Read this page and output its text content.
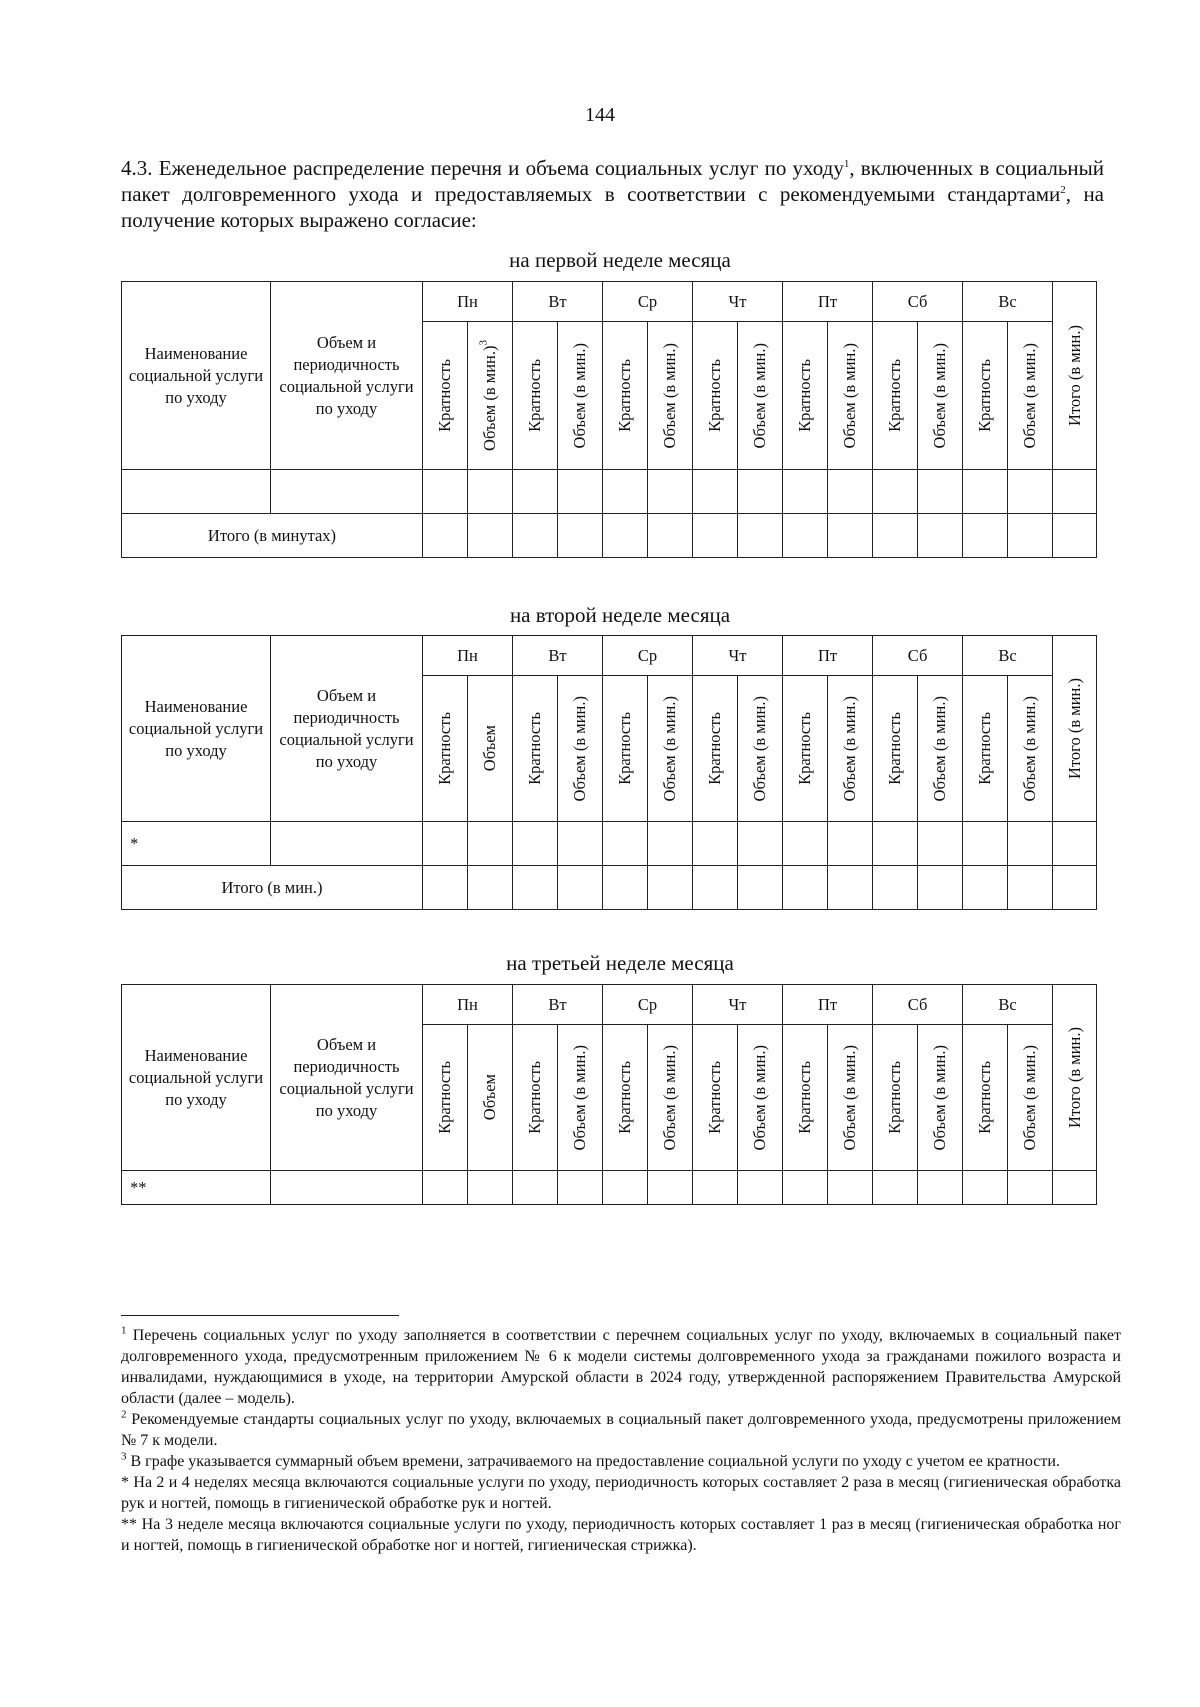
144
4.3. Еженедельное распределение перечня и объема социальных услуг по уходу$^1$, включенных в социальный пакет долговременного ухода и предоставляемых в соответствии с рекомендуемыми стандартами$^2$, на получение которых выражено согласие:
на первой неделе месяца
Наименование социальной услуги по уходу	Объем и периодичность социальной услуги по уходу	Пн		Вт		Ср		Чт		Пт		Сб		Вс		Итого (в мин.)

		Кратность	Объем (в мин.)$^3$	Кратность	Объем (в мин.)	Кратность	Объем (в мин.)	Кратность	Объем (в мин.)	Кратность	Объем (в мин.)	Кратность	Объем (в мин.)	Кратность	Объем (в мин.)	

Итого (в минутах)																
на второй неделе месяца
Наименование социальной услуги по уходу	Объем и периодичность социальной услуги по уходу	Пн		Вт		Ср		Чт		Пт		Сб		Вс		Итого (в мин.)

		Кратность	Объем	Кратность	Объем (в мин.)	Кратность	Объем (в мин.)	Кратность	Объем (в мин.)	Кратность	Объем (в мин.)	Кратность	Объем (в мин.)	Кратность	Объем (в мин.)	

*																
Итого (в мин.)																
на третьей неделе месяца
Наименование социальной услуги по уходу	Объем и периодичность социальной услуги по уходу	Пн		Вт		Ср		Чт		Пт		Сб		Вс		Итого (в мин.)

		Кратность	Объем	Кратность	Объем (в мин.)	Кратность	Объем (в мин.)	Кратность	Объем (в мин.)	Кратность	Объем (в мин.)	Кратность	Объем (в мин.)	Кратность	Объем (в мин.)	

**																

$^1$ Перечень социальных услуг по уходу заполняется в соответствии с перечнем социальных услуг по уходу, включаемых в социальный пакет долговременного ухода, предусмотренным приложением № 6 к модели системы долговременного ухода за гражданами пожилого возраста и инвалидами, нуждающимися в уходе, на территории Амурской области в 2024 году, утвержденной распоряжением Правительства Амурской области (далее – модель).

$^2$ Рекомендуемые стандарты социальных услуг по уходу, включаемых в социальный пакет долговременного ухода, предусмотрены приложением № 7 к модели.

$^3$ В графе указывается суммарный объем времени, затрачиваемого на предоставление социальной услуги по уходу с учетом ее кратности.

* На 2 и 4 неделях месяца включаются социальные услуги по уходу, периодичность которых составляет 2 раза в месяц (гигиеническая обработка рук и ногтей, помощь в гигиенической обработке рук и ногтей.

** На 3 неделе месяца включаются социальные услуги по уходу, периодичность которых составляет 1 раз в месяц (гигиеническая обработка ног и ногтей, помощь в гигиенической обработке ног и ногтей, гигиеническая стрижка).
